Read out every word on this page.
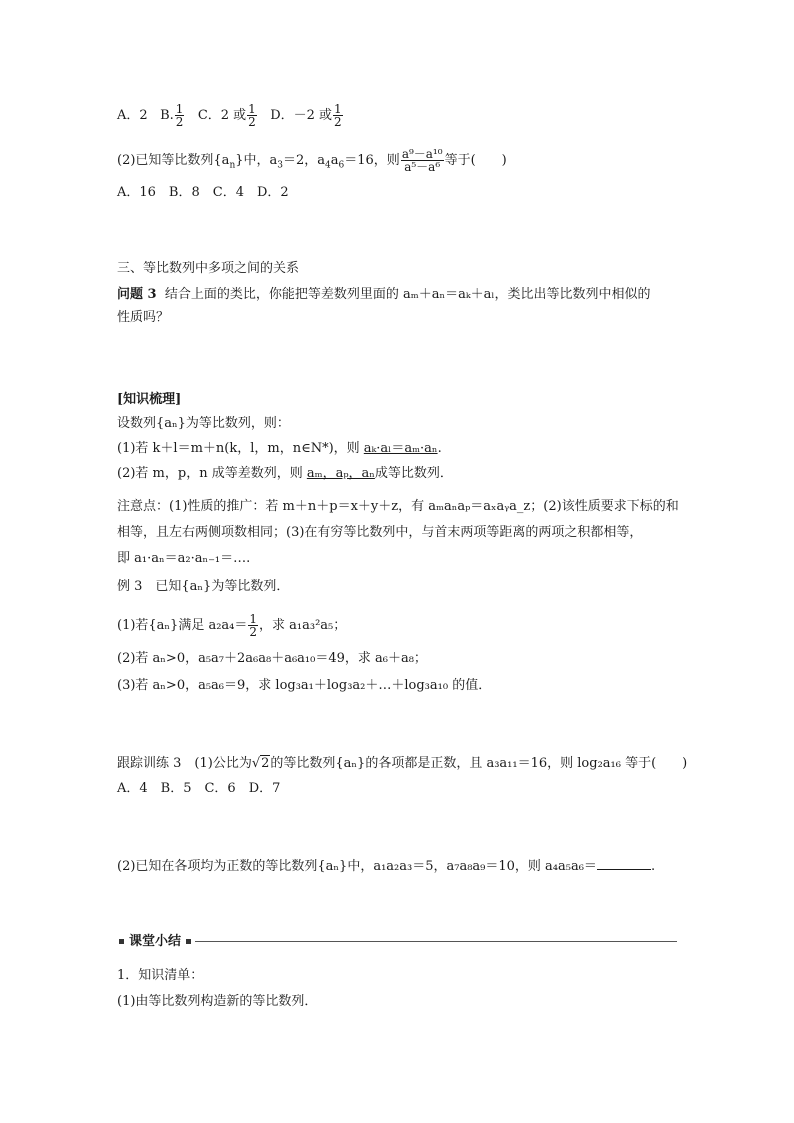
A．2 B. $\frac{1}{2}$ C．2 或 $\frac{1}{2}$ D．－2 或 $\frac{1}{2}$
(2)已知等比数列$\{a_n\}$中，$a_3=2$，$a_4a_6=16$，则 $\frac{\text{a⁹－a¹⁰}}{\text{a⁵－a⁶}}$ 等于(　　)
A．16　B．8　C．4　D．2
三、等比数列中多项之间的关系
问题 3 结合上面的类比，你能把等差数列里面的 aₘ＋aₙ＝aₖ＋aₗ，类比出等比数列中相似的
性质吗？
[知识梳理]
设数列{aₙ}为等比数列，则：
(1)若 k＋l＝m＋n(k，l，m，n∈N*)，则 aₖ·aₗ＝aₘ·aₙ.
(2)若 m，p，n 成等差数列，则 aₘ，aₚ，aₙ成等比数列．
注意点：(1)性质的推广：若 m＋n＋p＝x＋y＋z，有 aₘaₙaₚ＝aₓaᵧa_z；(2)该性质要求下标的和
相等，且左右两侧项数相同；(3)在有穷等比数列中，与首末两项等距离的两项之积都相等，
即 a₁·aₙ＝a₂·aₙ₋₁＝….
例 3　已知{aₙ}为等比数列．
(1)若{aₙ}满足 $a_2a_4= \frac{1}{2}$ ，求 a₁a₃²a₅；
(2)若 aₙ>0，a₅a₇＋2a₆a₈＋a₆a₁₀＝49，求 a₆＋a₈；
(3)若 aₙ>0，a₅a₆＝9，求 log₃a₁＋log₃a₂＋…＋log₃a₁₀ 的值．
跟踪训练 3　(1)公比为√2的等比数列{aₙ}的各项都是正数，且 a₃a₁₁＝16，则 log₂a₁₆ 等于(　　)
A．4　B．5　C．6　D．7
(2)已知在各项均为正数的等比数列{aₙ}中，a₁a₂a₃＝5，a₇a₈a₉＝10，则 a₄a₅a₆＝	.
课堂小结
1．知识清单：
(1)由等比数列构造新的等比数列．
